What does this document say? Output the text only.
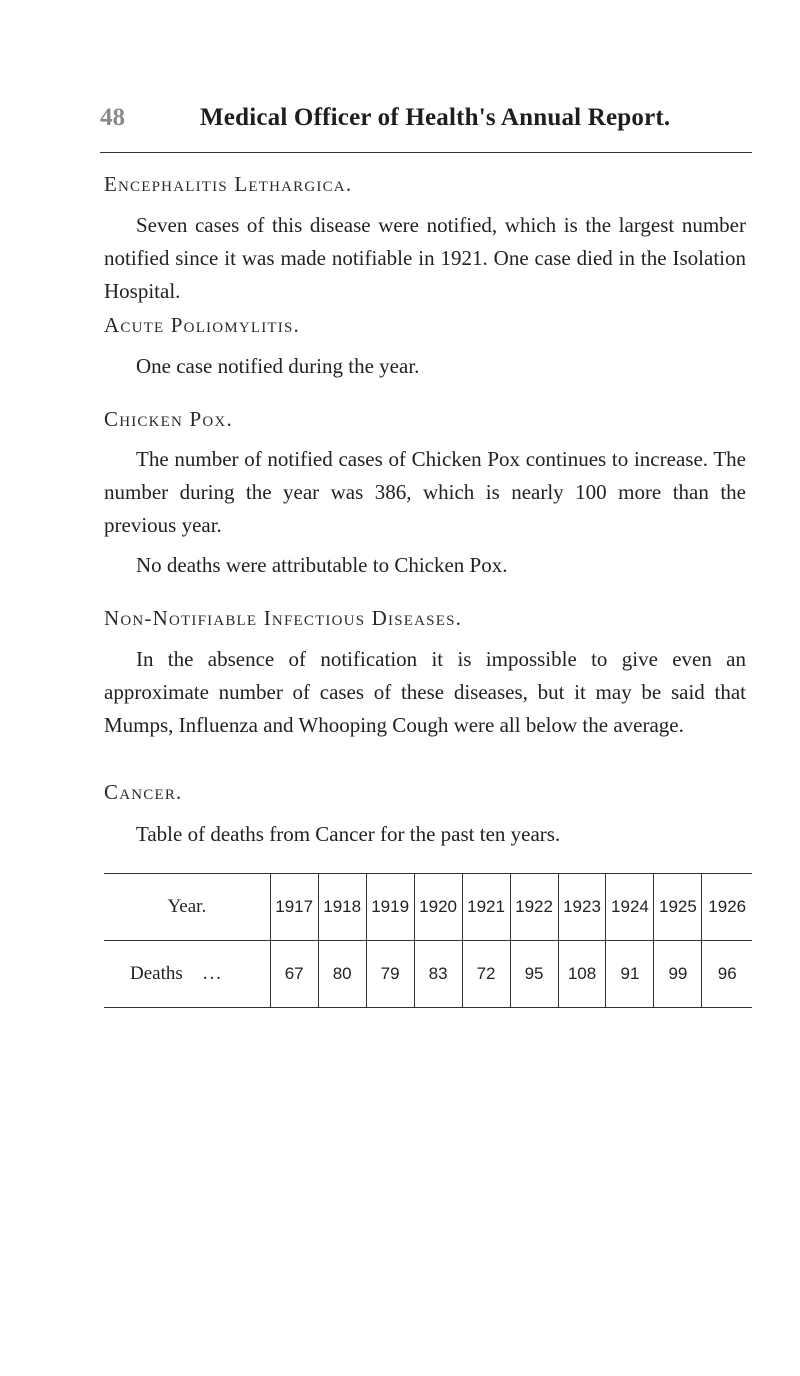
48	Medical Officer of Health's Annual Report.
Encephalitis Lethargica.
Seven cases of this disease were notified, which is the largest number notified since it was made notifiable in 1921. One case died in the Isolation Hospital.
Acute Poliomylitis.
One case notified during the year.
Chicken Pox.
The number of notified cases of Chicken Pox continues to increase. The number during the year was 386, which is nearly 100 more than the previous year.
No deaths were attributable to Chicken Pox.
Non-Notifiable Infectious Diseases.
In the absence of notification it is impossible to give even an approximate number of cases of these diseases, but it may be said that Mumps, Influenza and Whooping Cough were all below the average.
Cancer.
Table of deaths from Cancer for the past ten years.
Year.	1917	1918	1919	1920	1921	1922	1923	1924	1925	1926
Deaths ...	67	80	79	83	72	95	108	91	99	96
